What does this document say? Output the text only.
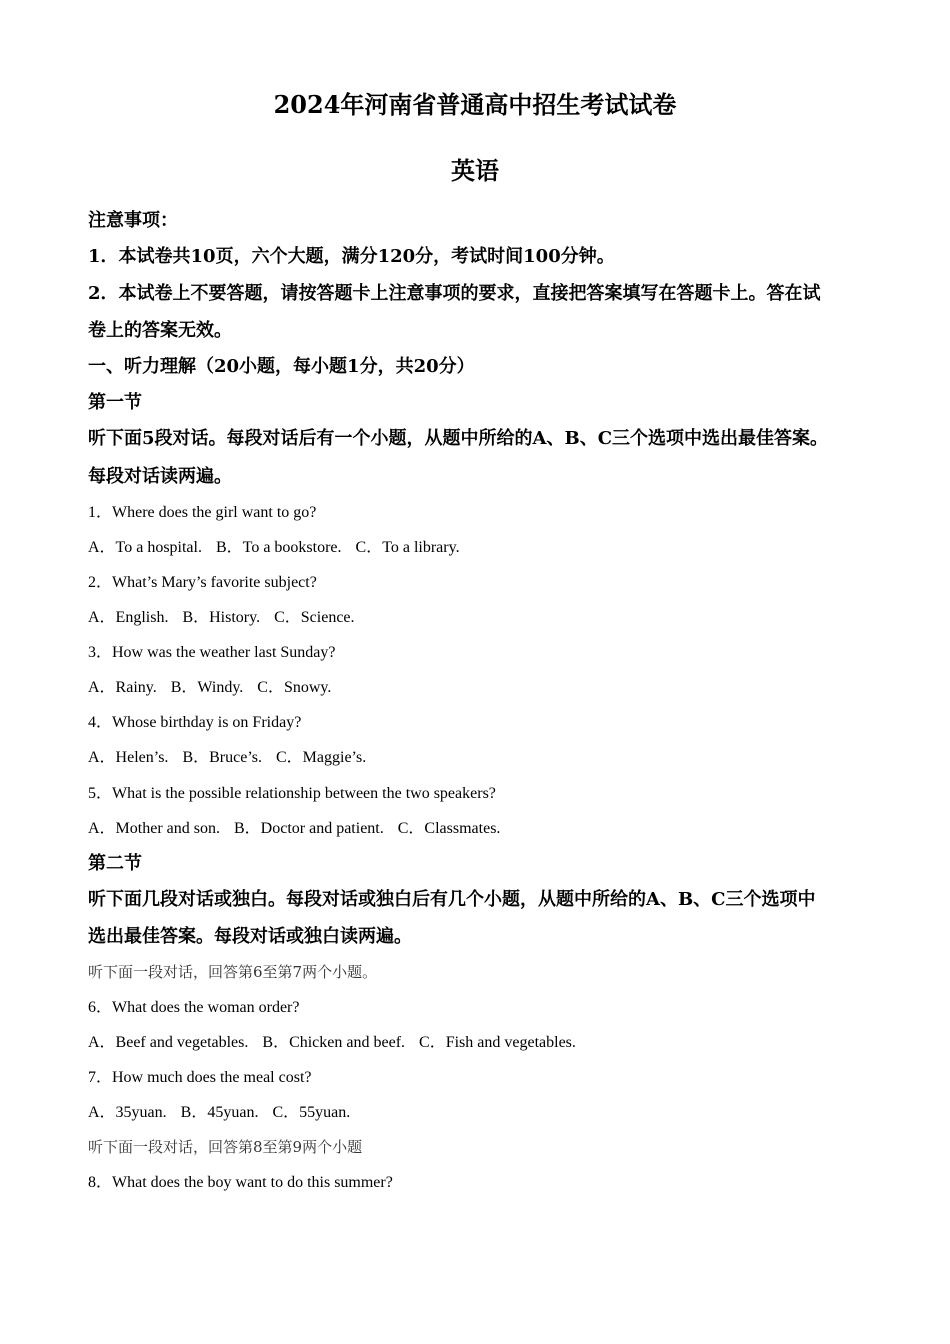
2024年河南省普通高中招生考试试卷
英语
注意事项：
1．本试卷共10页，六个大题，满分120分，考试时间100分钟。
2．本试卷上不要答题，请按答题卡上注意事项的要求，直接把答案填写在答题卡上。答在试
卷上的答案无效。
一、听力理解（20小题，每小题1分，共20分）
第一节
听下面5段对话。每段对话后有一个小题，从题中所给的A、B、C三个选项中选出最佳答案。
每段对话读两遍。
1．Where does the girl want to go?
A．To a hospital. B．To a bookstore. C．To a library.
2．What’s Mary’s favorite subject?
A．English. B．History. C．Science.
3．How was the weather last Sunday?
A．Rainy. B．Windy. C．Snowy.
4．Whose birthday is on Friday?
A．Helen’s. B．Bruce’s. C．Maggie’s.
5．What is the possible relationship between the two speakers?
A．Mother and son. B．Doctor and patient. C．Classmates.
第二节
听下面几段对话或独白。每段对话或独白后有几个小题，从题中所给的A、B、C三个选项中
选出最佳答案。每段对话或独白读两遍。
听下面一段对话，回答第6至第7两个小题。
6．What does the woman order?
A．Beef and vegetables. B．Chicken and beef. C．Fish and vegetables.
7．How much does the meal cost?
A．35yuan. B．45yuan. C．55yuan.
听下面一段对话，回答第8至第9两个小题
8．What does the boy want to do this summer?
